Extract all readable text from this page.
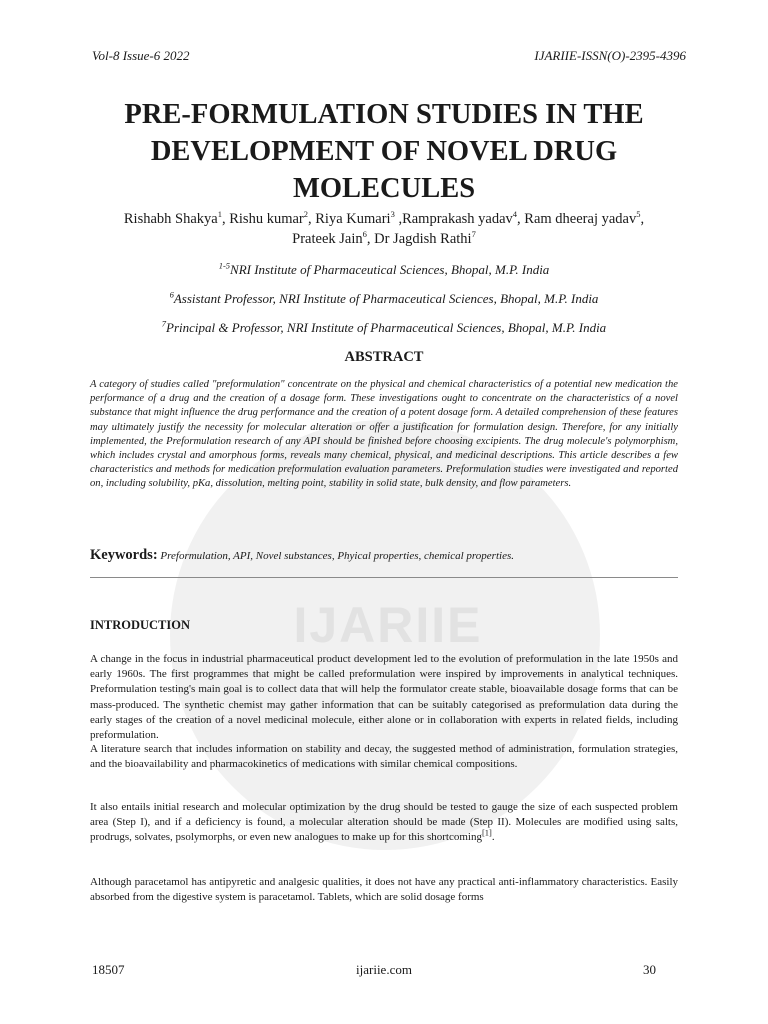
IJARIIE
Vol-8 Issue-6 2022	IJARIIE-ISSN(O)-2395-4396
PRE-FORMULATION STUDIES IN THE DEVELOPMENT OF NOVEL DRUG MOLECULES
Rishabh Shakya$^1$, Rishu kumar$^2$, Riya Kumari$^3$ ,Ramprakash yadav$^4$, Ram dheeraj yadav$^5$,
Prateek Jain$^6$, Dr Jagdish Rathi$^7$
$^{1-5}$NRI Institute of Pharmaceutical Sciences, Bhopal, M.P. India
$^6$Assistant Professor, NRI Institute of Pharmaceutical Sciences, Bhopal, M.P. India
$^7$Principal & Professor, NRI Institute of Pharmaceutical Sciences, Bhopal, M.P. India
ABSTRACT
A category of studies called "preformulation" concentrate on the physical and chemical characteristics of a potential new medication the performance of a drug and the creation of a dosage form. These investigations ought to concentrate on the characteristics of a novel substance that might influence the drug performance and the creation of a potent dosage form. A detailed comprehension of these features may ultimately justify the necessity for molecular alteration or offer a justification for formulation design. Therefore, for any initially implemented, the Preformulation research of any API should be finished before choosing excipients. The drug molecule's polymorphism, which includes crystal and amorphous forms, reveals many chemical, physical, and medicinal descriptions. This article describes a few characteristics and methods for medication preformulation evaluation parameters. Preformulation studies were investigated and reported on, including solubility, pKa, dissolution, melting point, stability in solid state, bulk density, and flow parameters.
Keywords: Preformulation, API, Novel substances, Phyical properties, chemical properties.
INTRODUCTION
A change in the focus in industrial pharmaceutical product development led to the evolution of preformulation in the late 1950s and early 1960s. The first programmes that might be called preformulation were inspired by improvements in analytical techniques. Preformulation testing's main goal is to collect data that will help the formulator create stable, bioavailable dosage forms that can be mass-produced. The synthetic chemist may gather information that can be suitably categorised as preformulation data during the early stages of the creation of a novel medicinal molecule, either alone or in collaboration with experts in related fields, including preformulation.
A literature search that includes information on stability and decay, the suggested method of administration, formulation strategies, and the bioavailability and pharmacokinetics of medications with similar chemical compositions.
It also entails initial research and molecular optimization by the drug should be tested to gauge the size of each suspected problem area (Step I), and if a deficiency is found, a molecular alteration should be made (Step II). Molecules are modified using salts, prodrugs, solvates, psolymorphs, or even new analogues to make up for this shortcoming[1].
Although paracetamol has antipyretic and analgesic qualities, it does not have any practical anti-inflammatory characteristics. Easily absorbed from the digestive system is paracetamol. Tablets, which are solid dosage forms
18507	ijariie.com	30
